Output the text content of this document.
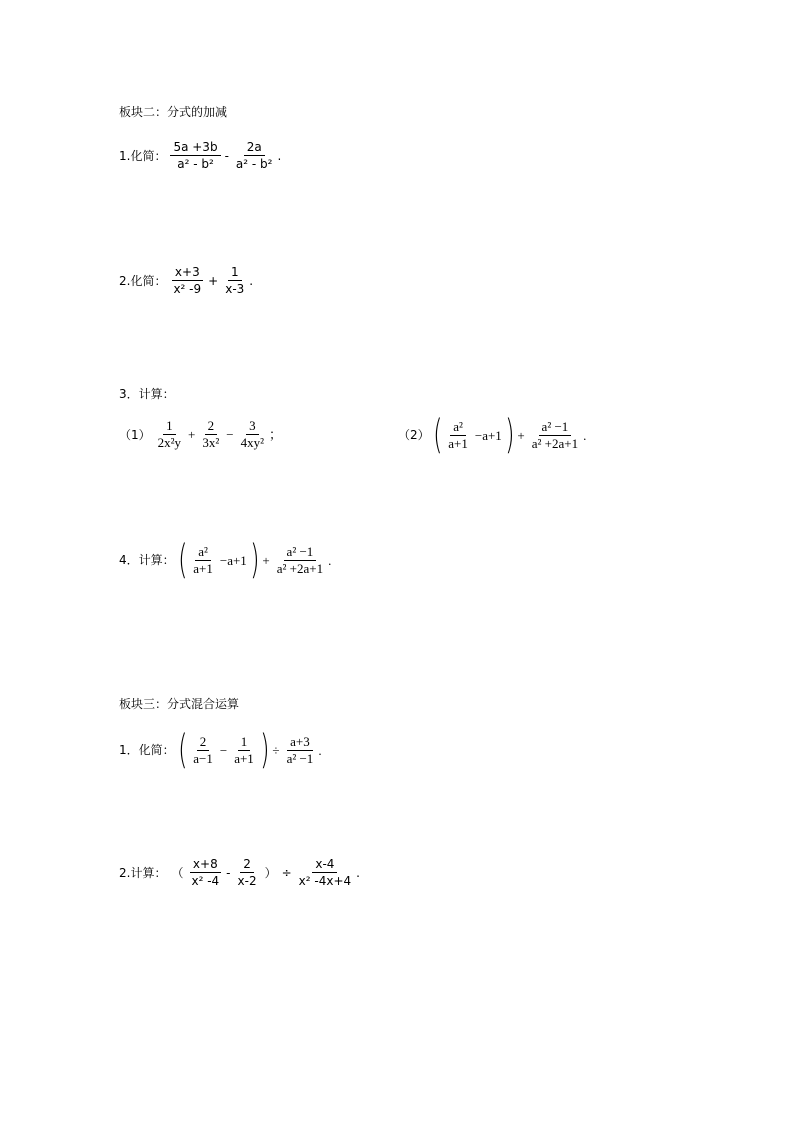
板块二：分式的加减
1.化简： $\frac{5a +3b}{\text{a² - b²}} - \frac{2a}{\text{a² - b²}}$ .
2.化简： $\frac{x+3}{\text{x² -9}} + \frac{1}{x-3}$ .
3．计算：
$(1) \frac{1}{\text{2x²y}} + \frac{2}{\text{3x²}} - \frac{3}{\text{4xy²}}$ ；	（2） ( $\frac{\text{a²}}{a+1} -a+1$ ) + $\frac{\text{a² −1}}{\text{a² +2a+1}}$ .
4．计算： ( $\frac{\text{a²}}{a+1} -a+1$ ) + $\frac{\text{a² −1}}{\text{a² +2a+1}}$ .
板块三：分式混合运算
1．化简： ( $\frac{2}{a-1} - \frac{1}{a+1}$ ) ÷ $\frac{a+3}{\text{a² −1}}$ .
2.计算： （ $\frac{x+8}{\text{x² -4}} - \frac{2}{x-2}$ ） ÷ $\frac{x-4}{\text{x² -4x+4}}$ .
